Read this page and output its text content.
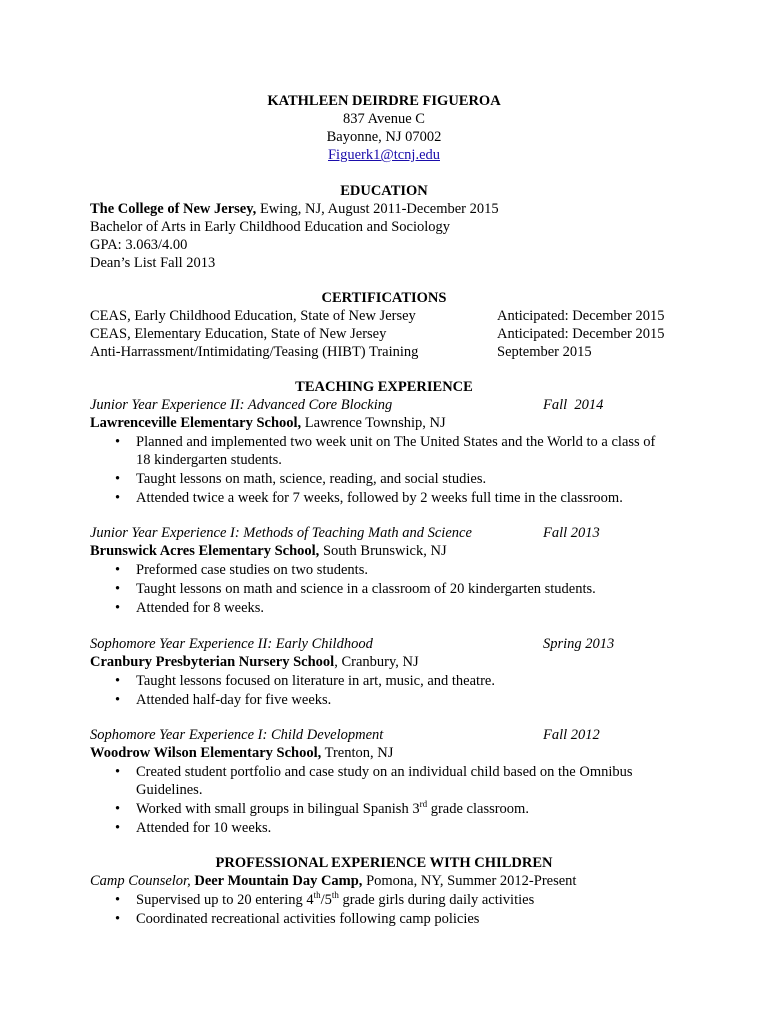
KATHLEEN DEIRDRE FIGUEROA
837 Avenue C
Bayonne, NJ 07002
Figuerk1@tcnj.edu
EDUCATION
The College of New Jersey, Ewing, NJ, August 2011-December 2015
Bachelor of Arts in Early Childhood Education and Sociology
GPA: 3.063/4.00
Dean’s List Fall 2013
CERTIFICATIONS
CEAS, Early Childhood Education, State of New Jersey	Anticipated: December 2015
CEAS, Elementary Education, State of New Jersey	Anticipated: December 2015
Anti-Harrassment/Intimidating/Teasing (HIBT) Training	September 2015
TEACHING EXPERIENCE
Junior Year Experience II: Advanced Core Blocking	Fall  2014
Lawrenceville Elementary School, Lawrence Township, NJ
• Planned and implemented two week unit on The United States and the World to a class of
18 kindergarten students.
• Taught lessons on math, science, reading, and social studies.
• Attended twice a week for 7 weeks, followed by 2 weeks full time in the classroom.
Junior Year Experience I: Methods of Teaching Math and Science	Fall 2013
Brunswick Acres Elementary School, South Brunswick, NJ
• Preformed case studies on two students.
• Taught lessons on math and science in a classroom of 20 kindergarten students.
• Attended for 8 weeks.
Sophomore Year Experience II: Early Childhood	Spring 2013
Cranbury Presbyterian Nursery School, Cranbury, NJ
• Taught lessons focused on literature in art, music, and theatre.
• Attended half-day for five weeks.
Sophomore Year Experience I: Child Development	Fall 2012
Woodrow Wilson Elementary School, Trenton, NJ
• Created student portfolio and case study on an individual child based on the Omnibus
Guidelines.
• Worked with small groups in bilingual Spanish 3rd grade classroom.
• Attended for 10 weeks.
PROFESSIONAL EXPERIENCE WITH CHILDREN
Camp Counselor, Deer Mountain Day Camp, Pomona, NY, Summer 2012-Present
• Supervised up to 20 entering 4th/5th grade girls during daily activities
• Coordinated recreational activities following camp policies
